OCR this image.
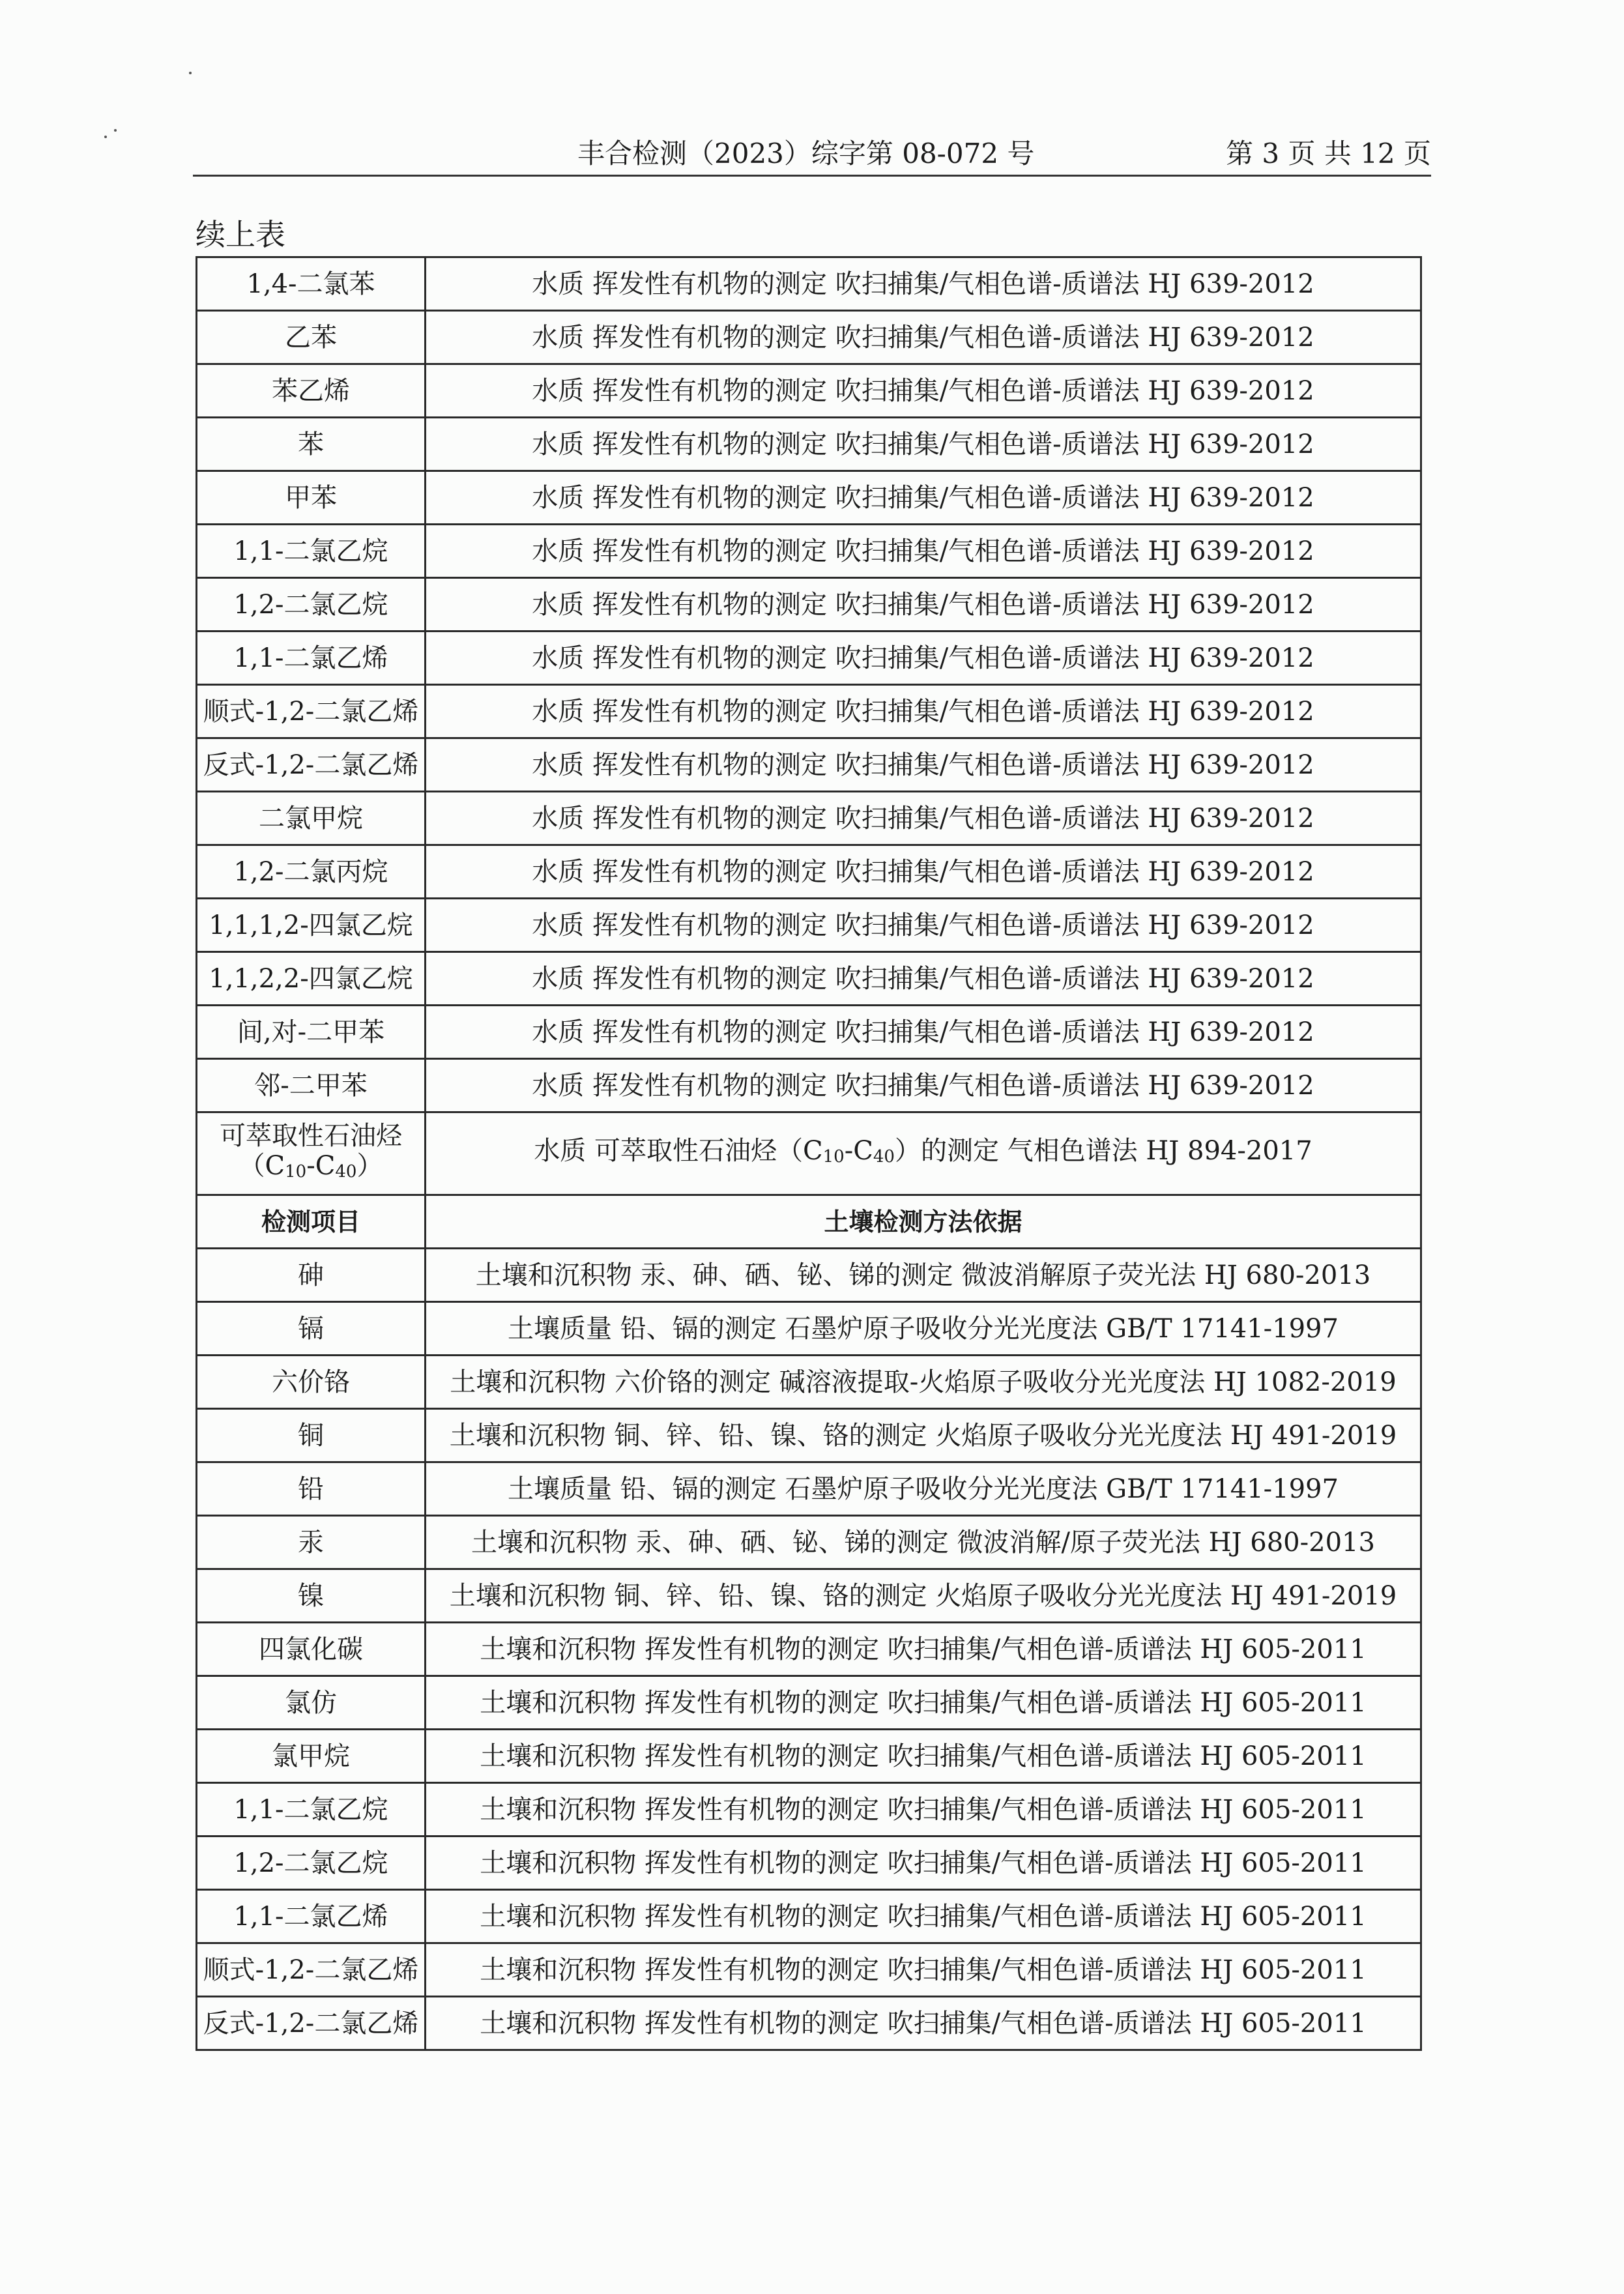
丰合检测（2023）综字第 08-072 号	第 3 页 共 12 页
续上表
1,4-二氯苯	水质 挥发性有机物的测定 吹扫捕集/气相色谱-质谱法 HJ 639-2012
乙苯	水质 挥发性有机物的测定 吹扫捕集/气相色谱-质谱法 HJ 639-2012
苯乙烯	水质 挥发性有机物的测定 吹扫捕集/气相色谱-质谱法 HJ 639-2012
苯	水质 挥发性有机物的测定 吹扫捕集/气相色谱-质谱法 HJ 639-2012
甲苯	水质 挥发性有机物的测定 吹扫捕集/气相色谱-质谱法 HJ 639-2012
1,1-二氯乙烷	水质 挥发性有机物的测定 吹扫捕集/气相色谱-质谱法 HJ 639-2012
1,2-二氯乙烷	水质 挥发性有机物的测定 吹扫捕集/气相色谱-质谱法 HJ 639-2012
1,1-二氯乙烯	水质 挥发性有机物的测定 吹扫捕集/气相色谱-质谱法 HJ 639-2012
顺式-1,2-二氯乙烯	水质 挥发性有机物的测定 吹扫捕集/气相色谱-质谱法 HJ 639-2012
反式-1,2-二氯乙烯	水质 挥发性有机物的测定 吹扫捕集/气相色谱-质谱法 HJ 639-2012
二氯甲烷	水质 挥发性有机物的测定 吹扫捕集/气相色谱-质谱法 HJ 639-2012
1,2-二氯丙烷	水质 挥发性有机物的测定 吹扫捕集/气相色谱-质谱法 HJ 639-2012
1,1,1,2-四氯乙烷	水质 挥发性有机物的测定 吹扫捕集/气相色谱-质谱法 HJ 639-2012
1,1,2,2-四氯乙烷	水质 挥发性有机物的测定 吹扫捕集/气相色谱-质谱法 HJ 639-2012
间,对-二甲苯	水质 挥发性有机物的测定 吹扫捕集/气相色谱-质谱法 HJ 639-2012
邻-二甲苯	水质 挥发性有机物的测定 吹扫捕集/气相色谱-质谱法 HJ 639-2012

可萃取性石油烃
$(C_{10}-C_{40})$	水质 可萃取性石油烃$(C_{10}-C_{40})$的测定 气相色谱法 HJ 894-2017
检测项目	土壤检测方法依据
砷	土壤和沉积物 汞、砷、硒、铋、锑的测定 微波消解原子荧光法 HJ 680-2013
镉	土壤质量 铅、镉的测定 石墨炉原子吸收分光光度法 GB/T 17141-1997
六价铬	土壤和沉积物 六价铬的测定 碱溶液提取-火焰原子吸收分光光度法 HJ 1082-2019
铜	土壤和沉积物 铜、锌、铅、镍、铬的测定 火焰原子吸收分光光度法 HJ 491-2019
铅	土壤质量 铅、镉的测定 石墨炉原子吸收分光光度法 GB/T 17141-1997
汞	土壤和沉积物 汞、砷、硒、铋、锑的测定 微波消解/原子荧光法 HJ 680-2013
镍	土壤和沉积物 铜、锌、铅、镍、铬的测定 火焰原子吸收分光光度法 HJ 491-2019
四氯化碳	土壤和沉积物 挥发性有机物的测定 吹扫捕集/气相色谱-质谱法 HJ 605-2011
氯仿	土壤和沉积物 挥发性有机物的测定 吹扫捕集/气相色谱-质谱法 HJ 605-2011
氯甲烷	土壤和沉积物 挥发性有机物的测定 吹扫捕集/气相色谱-质谱法 HJ 605-2011
1,1-二氯乙烷	土壤和沉积物 挥发性有机物的测定 吹扫捕集/气相色谱-质谱法 HJ 605-2011
1,2-二氯乙烷	土壤和沉积物 挥发性有机物的测定 吹扫捕集/气相色谱-质谱法 HJ 605-2011
1,1-二氯乙烯	土壤和沉积物 挥发性有机物的测定 吹扫捕集/气相色谱-质谱法 HJ 605-2011
顺式-1,2-二氯乙烯	土壤和沉积物 挥发性有机物的测定 吹扫捕集/气相色谱-质谱法 HJ 605-2011
反式-1,2-二氯乙烯	土壤和沉积物 挥发性有机物的测定 吹扫捕集/气相色谱-质谱法 HJ 605-2011
